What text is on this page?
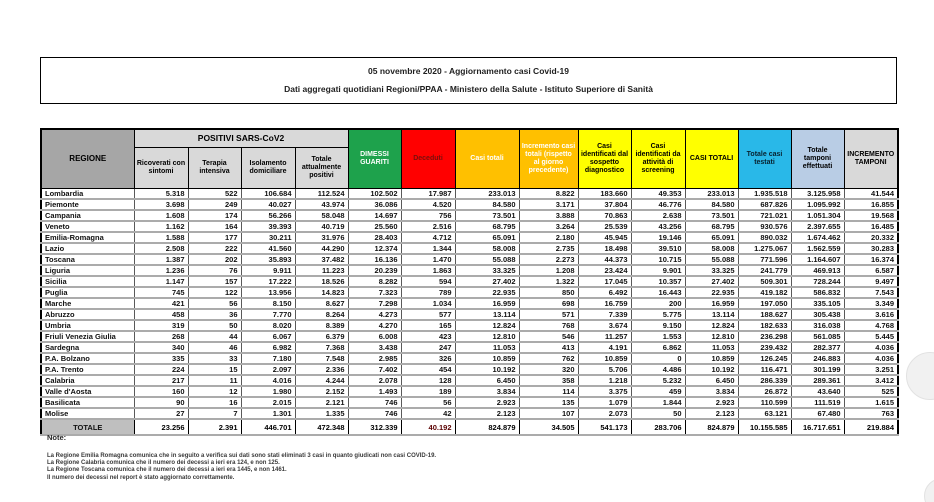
05 novembre 2020 - Aggiornamento casi Covid-19
Dati aggregati quotidiani Regioni/PPAA - Ministero della Salute - Istituto Superiore di Sanità
REGIONE	POSITIVI SARS-CoV2				DIMESSI GUARITI	Deceduti	Casi totali	Incremento casi totali (rispetto al giorno precedente)	Casi identificati dal sospetto diagnostico	Casi identificati da attività di screening	CASI TOTALI	Totale casi testati	Totale tamponi effettuati	INCREMENTO TAMPONI
	Ricoverati con sintomi	Terapia intensiva	Isolamento domiciliare	Totale attualmente positivi										
Lombardia	5.318	522	106.684	112.524	102.502	17.987	233.013	8.822	183.660	49.353	233.013	1.935.518	3.125.958	41.544
Piemonte	3.698	249	40.027	43.974	36.086	4.520	84.580	3.171	37.804	46.776	84.580	687.826	1.095.992	16.855
Campania	1.608	174	56.266	58.048	14.697	756	73.501	3.888	70.863	2.638	73.501	721.021	1.051.304	19.568
Veneto	1.162	164	39.393	40.719	25.560	2.516	68.795	3.264	25.539	43.256	68.795	930.576	2.397.655	16.485
Emilia-Romagna	1.588	177	30.211	31.976	28.403	4.712	65.091	2.180	45.945	19.146	65.091	890.032	1.674.462	20.332
Lazio	2.508	222	41.560	44.290	12.374	1.344	58.008	2.735	18.498	39.510	58.008	1.275.067	1.562.559	30.283
Toscana	1.387	202	35.893	37.482	16.136	1.470	55.088	2.273	44.373	10.715	55.088	771.596	1.164.607	16.374
Liguria	1.236	76	9.911	11.223	20.239	1.863	33.325	1.208	23.424	9.901	33.325	241.779	469.913	6.587
Sicilia	1.147	157	17.222	18.526	8.282	594	27.402	1.322	17.045	10.357	27.402	509.301	728.244	9.497
Puglia	745	122	13.956	14.823	7.323	789	22.935	850	6.492	16.443	22.935	419.182	586.832	7.543
Marche	421	56	8.150	8.627	7.298	1.034	16.959	698	16.759	200	16.959	197.050	335.105	3.349
Abruzzo	458	36	7.770	8.264	4.273	577	13.114	571	7.339	5.775	13.114	188.627	305.438	3.616
Umbria	319	50	8.020	8.389	4.270	165	12.824	768	3.674	9.150	12.824	182.633	316.038	4.768
Friuli Venezia Giulia	268	44	6.067	6.379	6.008	423	12.810	546	11.257	1.553	12.810	236.298	561.085	5.445
Sardegna	340	46	6.982	7.368	3.438	247	11.053	413	4.191	6.862	11.053	239.432	282.377	4.036
P.A. Bolzano	335	33	7.180	7.548	2.985	326	10.859	762	10.859	0	10.859	126.245	246.883	4.036
P.A. Trento	224	15	2.097	2.336	7.402	454	10.192	320	5.706	4.486	10.192	116.471	301.199	3.251
Calabria	217	11	4.016	4.244	2.078	128	6.450	358	1.218	5.232	6.450	286.339	289.361	3.412
Valle d'Aosta	160	12	1.980	2.152	1.493	189	3.834	114	3.375	459	3.834	26.872	43.640	525
Basilicata	90	16	2.015	2.121	746	56	2.923	135	1.079	1.844	2.923	110.599	111.519	1.615
Molise	27	7	1.301	1.335	746	42	2.123	107	2.073	50	2.123	63.121	67.480	763
TOTALE	23.256	2.391	446.701	472.348	312.339	40.192	824.879	34.505	541.173	283.706	824.879	10.155.585	16.717.651	219.884
Note:
La Regione Emilia Romagna comunica che in seguito a verifica sui dati sono stati eliminati 3 casi in quanto giudicati non casi COVID-19.
La Regione Calabria comunica che il numero dei decessi a ieri era 124, e non 125.
La Regione Toscana comunica che il numero dei decessi a ieri era 1445, e non 1461.
Il numero dei decessi nel report è stato aggiornato correttamente.
